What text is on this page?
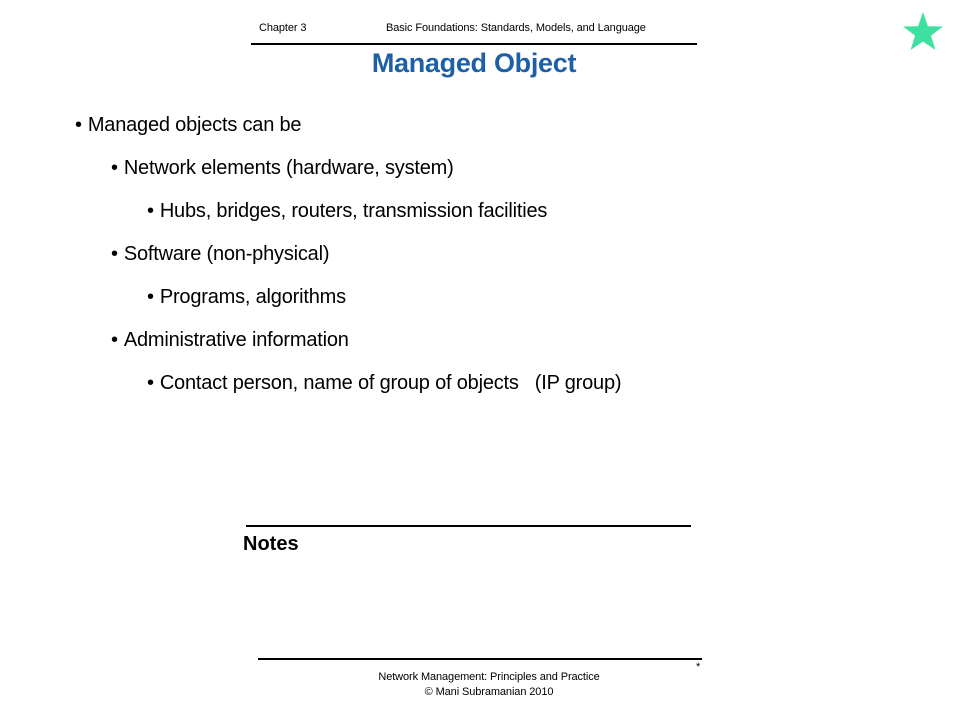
Chapter 3	Basic Foundations: Standards, Models, and Language
Managed Object
• Managed objects can be
• Network elements (hardware, system)
• Hubs, bridges, routers, transmission facilities
• Software (non-physical)
• Programs, algorithms
• Administrative information
• Contact person, name of group of objects   (IP group)
Notes
*
Network Management: Principles and Practice
© Mani Subramanian 2010
